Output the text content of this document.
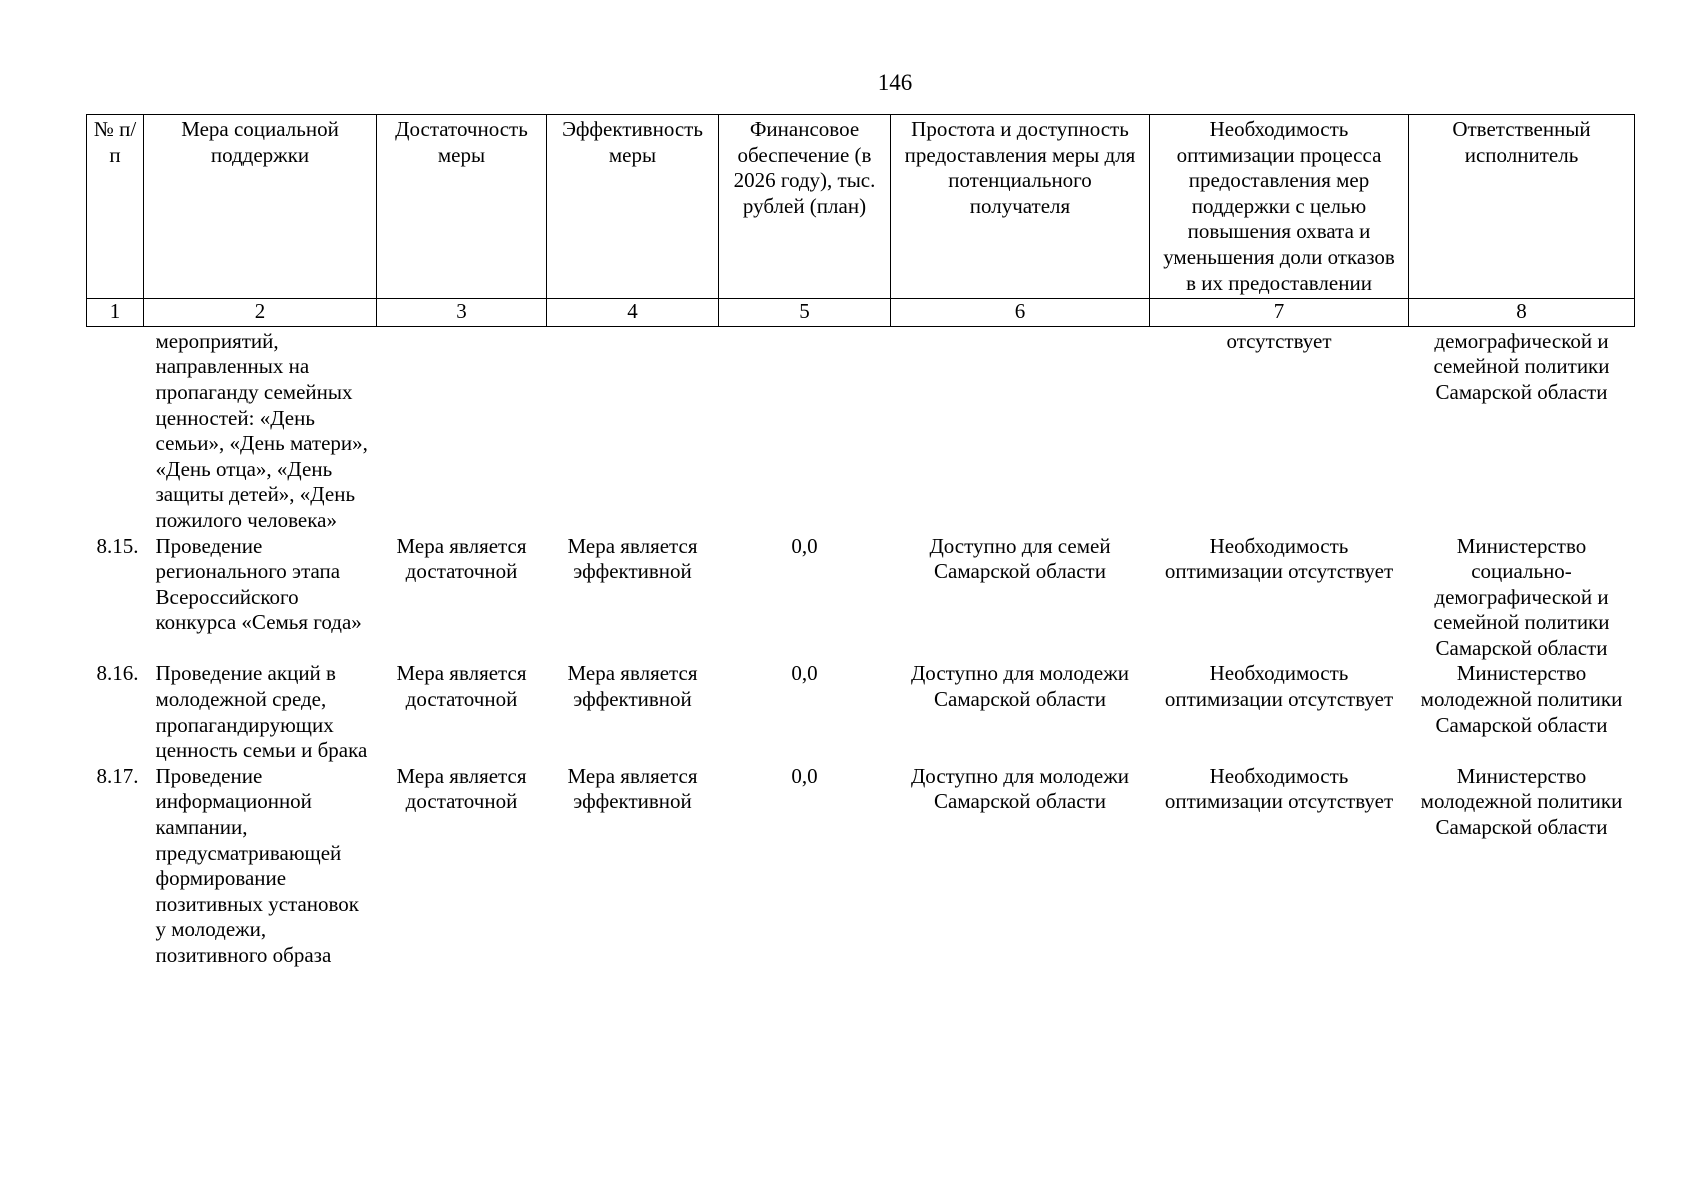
146
№ п/п	Мера социальной поддержки	Достаточность меры	Эффективность меры	Финансовое обеспечение (в 2026 году), тыс. рублей (план)	Простота и доступность предоставления меры для потенциального получателя	Необходимость оптимизации процесса предоставления мер поддержки с целью повышения охвата и уменьшения доли отказов в их предоставлении	Ответственный исполнитель
1	2	3	4	5	6	7	8
	мероприятий, направленных на пропаганду семейных ценностей: «День семьи», «День матери», «День отца», «День защиты детей», «День пожилого человека»					отсутствует	демографической и семейной политики Самарской области
8.15.	Проведение регионального этапа Всероссийского конкурса «Семья года»	Мера является достаточной	Мера является эффективной	0,0	Доступно для семей Самарской области	Необходимость оптимизации отсутствует	Министерство социально-демографической и семейной политики Самарской области
8.16.	Проведение акций в молодежной среде, пропагандирующих ценность семьи и брака	Мера является достаточной	Мера является эффективной	0,0	Доступно для молодежи Самарской области	Необходимость оптимизации отсутствует	Министерство молодежной политики Самарской области
8.17.	Проведение информационной кампании, предусматривающей формирование позитивных установок у молодежи, позитивного образа	Мера является достаточной	Мера является эффективной	0,0	Доступно для молодежи Самарской области	Необходимость оптимизации отсутствует	Министерство молодежной политики Самарской области
